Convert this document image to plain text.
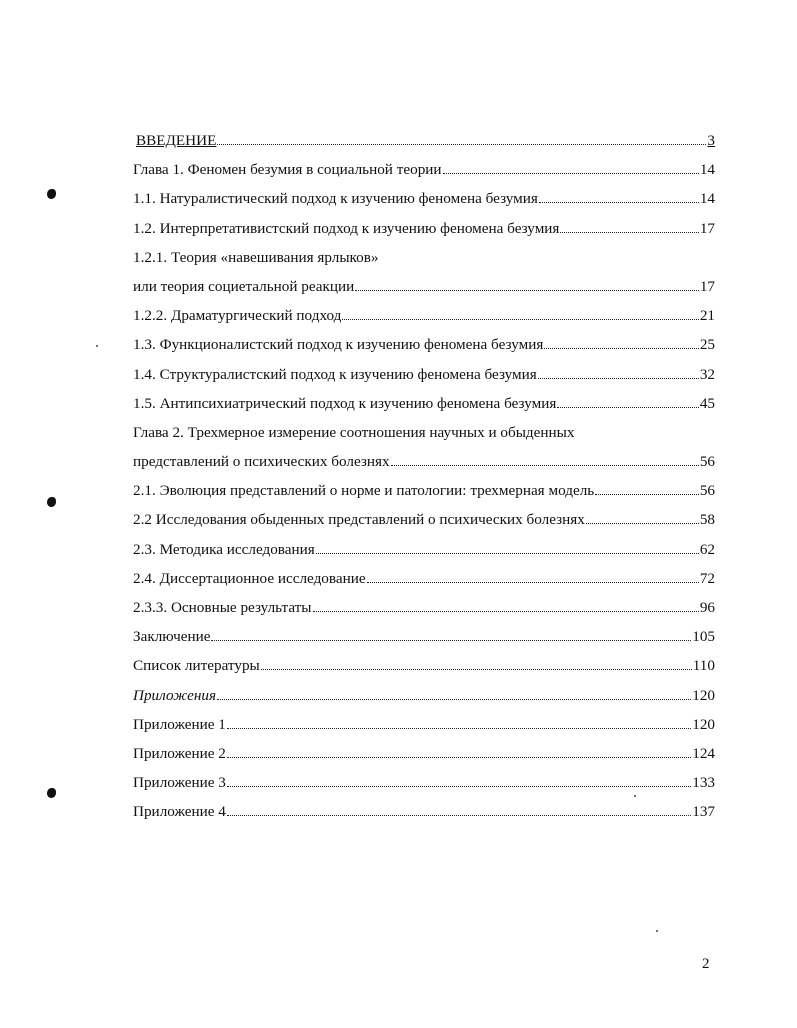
ВВЕДЕНИЕ	3
Глава 1. Феномен безумия в социальной теории	14
1.1. Натуралистический подход к изучению феномена безумия	14
1.2. Интерпретативистский подход к изучению феномена безумия	17
1.2.1. Теория «навешивания ярлыков»
или теория социетальной реакции	17
1.2.2. Драматургический подход	21
1.3. Функционалистский подход к изучению феномена безумия	25
1.4. Структуралистский подход к изучению феномена безумия	32
1.5. Антипсихиатрический подход к изучению феномена безумия	45
Глава 2. Трехмерное измерение соотношения научных и обыденных
представлений о психических болезнях	56
2.1. Эволюция представлений о норме и патологии: трехмерная модель	56
2.2 Исследования обыденных представлений о психических болезнях	58
2.3. Методика исследования	62
2.4. Диссертационное исследование	72
2.3.3. Основные результаты	96
Заключение	105
Список литературы	110
Приложения	120
Приложение 1	120
Приложение 2	124
Приложение 3	133
Приложение 4	137
2
